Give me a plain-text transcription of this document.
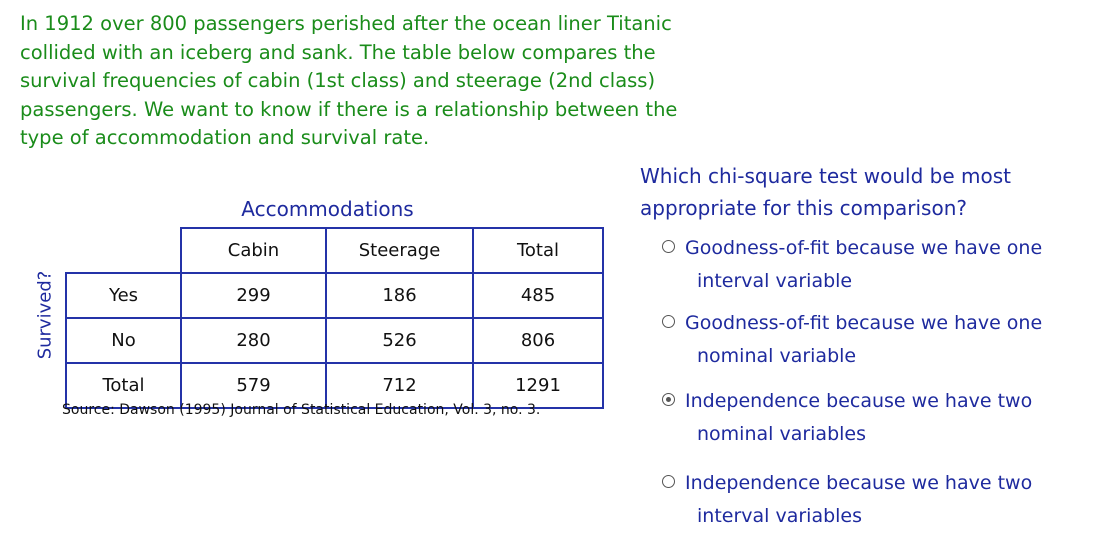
In 1912 over 800 passengers perished after the ocean liner Titanic
collided with an iceberg and sank. The table below compares the
survival frequencies of cabin (1st class) and steerage (2nd class)
passengers. We want to know if there is a relationship between the
type of accommodation and survival rate.
Accommodations
Survived?
	Cabin	Steerage	Total
Yes	299	186	485
No	280	526	806
Total	579	712	1291
Source: Dawson (1995) Journal of Statistical Education, Vol. 3, no. 3.
Which chi-square test would be most
appropriate for this comparison?
Goodness-of-fit because we have one
interval variable
Goodness-of-fit because we have one
nominal variable
Independence because we have two
nominal variables
Independence because we have two
interval variables
